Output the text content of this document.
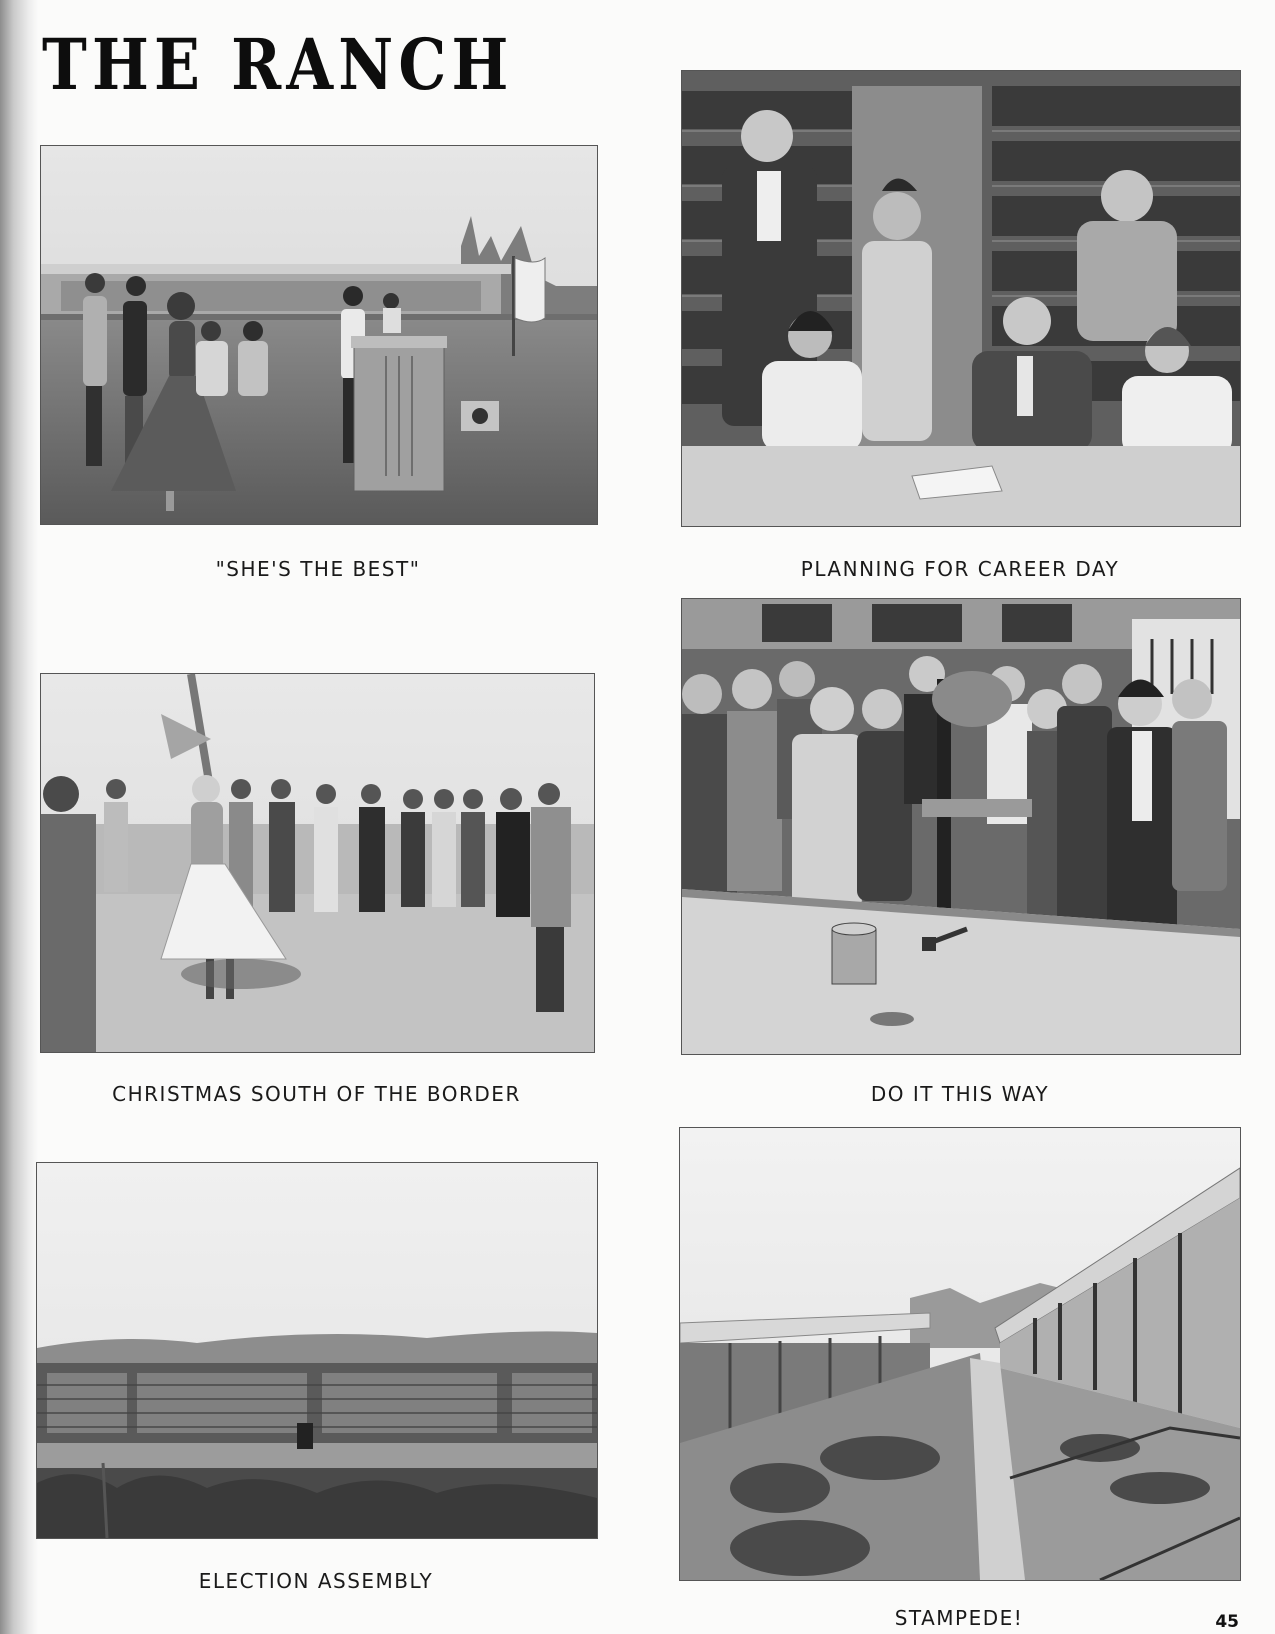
THE RANCH
"SHE'S THE BEST"	PLANNING FOR CAREER DAY
CHRISTMAS SOUTH OF THE BORDER	DO IT THIS WAY
ELECTION ASSEMBLY
STAMPEDE!	45
